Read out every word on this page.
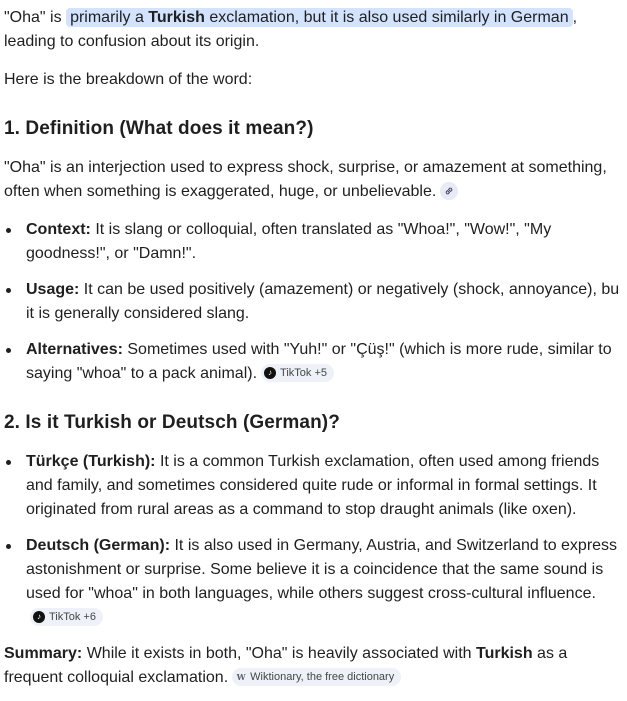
"Oha" is primarily a Turkish exclamation, but it is also used similarly in German ,
leading to confusion about its origin.

Here is the breakdown of the word:

1. Definition (What does it mean?)

"Oha" is an interjection used to express shock, surprise, or amazement at something, often when something is exaggerated, huge, or unbelievable.

Context: It is slang or colloquial, often translated as "Whoa!", "Wow!", "My goodness!", or "Damn!".
Usage: It can be used positively (amazement) or negatively (shock, annoyance), bu it is generally considered slang.
Alternatives: Sometimes used with "Yuh!" or "Çüş!" (which is more rude, similar to saying "whoa" to a pack animal).	♪ TikTok +5
2. Is it Turkish or Deutsch (German)?
Türkçe (Turkish): It is a common Turkish exclamation, often used among friends and family, and sometimes considered quite rude or informal in formal settings. It originated from rural areas as a command to stop draught animals (like oxen).
Deutsch (German): It is also used in Germany, Austria, and Switzerland to express astonishment or surprise. Some believe it is a coincidence that the same sound is used for "whoa" in both languages, while others suggest cross-cultural influence.
♪ TikTok +6

Summary: While it exists in both, "Oha" is heavily associated with Turkish as a frequent colloquial exclamation. W Wiktionary, the free dictionary
